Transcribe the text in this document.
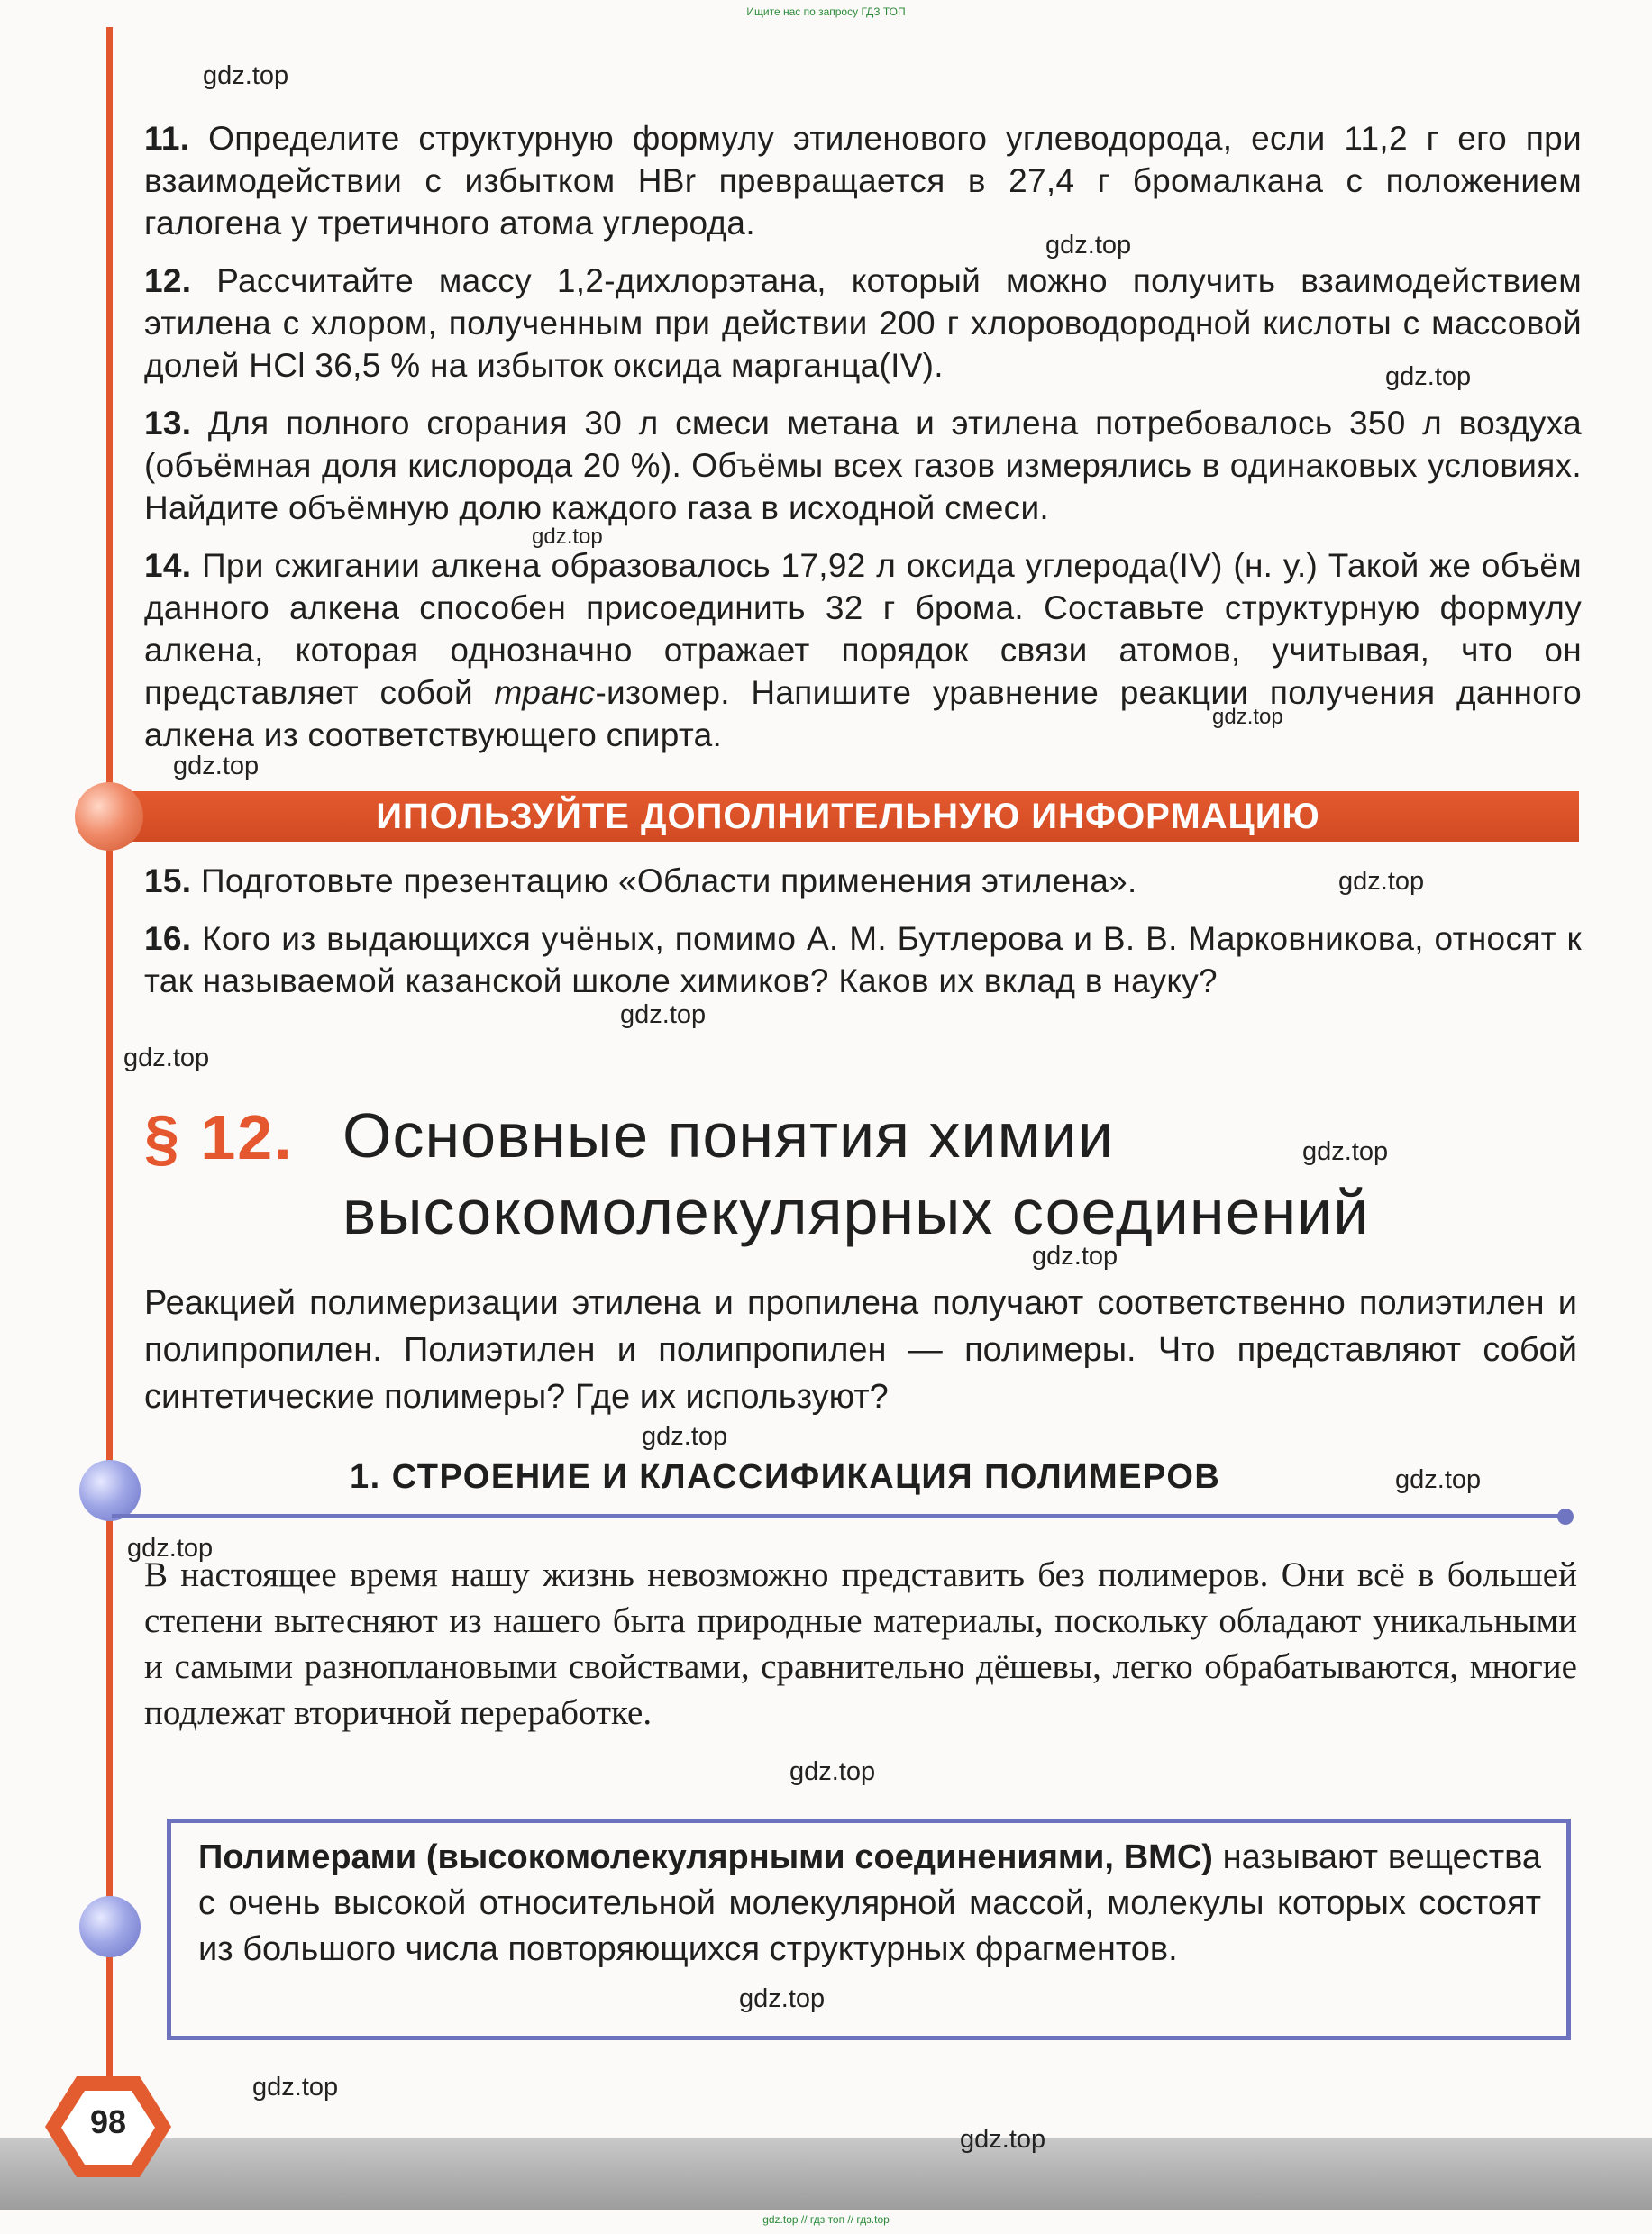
Ищите нас по запросу ГДЗ ТОП
11. Определите структурную формулу этиленового углеводорода, если 11,2 г его при взаимодействии с избытком HBr превращается в 27,4 г бромалкана с положением галогена у третичного атома углерода.
12. Рассчитайте массу 1,2-дихлорэтана, который можно получить взаимодействием этилена с хлором, полученным при действии 200 г хлороводородной кислоты с массовой долей HCl 36,5 % на избыток оксида марганца(IV).
13. Для полного сгорания 30 л смеси метана и этилена потребовалось 350 л воздуха (объёмная доля кислорода 20 %). Объёмы всех газов измерялись в одинаковых условиях. Найдите объёмную долю каждого газа в исходной смеси.
14. При сжигании алкена образовалось 17,92 л оксида углерода(IV) (н. у.) Такой же объём данного алкена способен присоединить 32 г брома. Составьте структурную формулу алкена, которая однозначно отражает порядок связи атомов, учитывая, что он представляет собой транс-изомер. Напишите уравнение реакции получения данного алкена из соответствующего спирта.
ИПОЛЬЗУЙТЕ ДОПОЛНИТЕЛЬНУЮ ИНФОРМАЦИЮ
15. Подготовьте презентацию «Области применения этилена».
16. Кого из выдающихся учёных, помимо А. М. Бутлерова и В. В. Марковникова, относят к так называемой казанской школе химиков? Каков их вклад в науку?
§ 12. Основные понятия химии
высокомолекулярных соединений
Реакцией полимеризации этилена и пропилена получают соответственно полиэтилен и полипропилен. Полиэтилен и полипропилен — полимеры. Что представляют собой синтетические полимеры? Где их используют?
1. СТРОЕНИЕ И КЛАССИФИКАЦИЯ ПОЛИМЕРОВ
В настоящее время нашу жизнь невозможно представить без полимеров. Они всё в большей степени вытесняют из нашего быта природные материалы, поскольку обладают уникальными и самыми разноплановыми свойствами, сравнительно дёшевы, легко обрабатываются, многие подлежат вторичной переработке.
Полимерами (высокомолекулярными соединениями, ВМС) называют вещества с очень высокой относительной молекулярной массой, молекулы которых состоят из большого числа повторяющихся структурных фрагментов.
98
gdz.top // гдз топ // гдз.top
gdz.top
gdz.top
gdz.top
gdz.top
gdz.top
gdz.top
gdz.top
gdz.top
gdz.top
gdz.top
gdz.top
gdz.top
gdz.top
gdz.top
gdz.top
gdz.top
gdz.top
gdz.top
